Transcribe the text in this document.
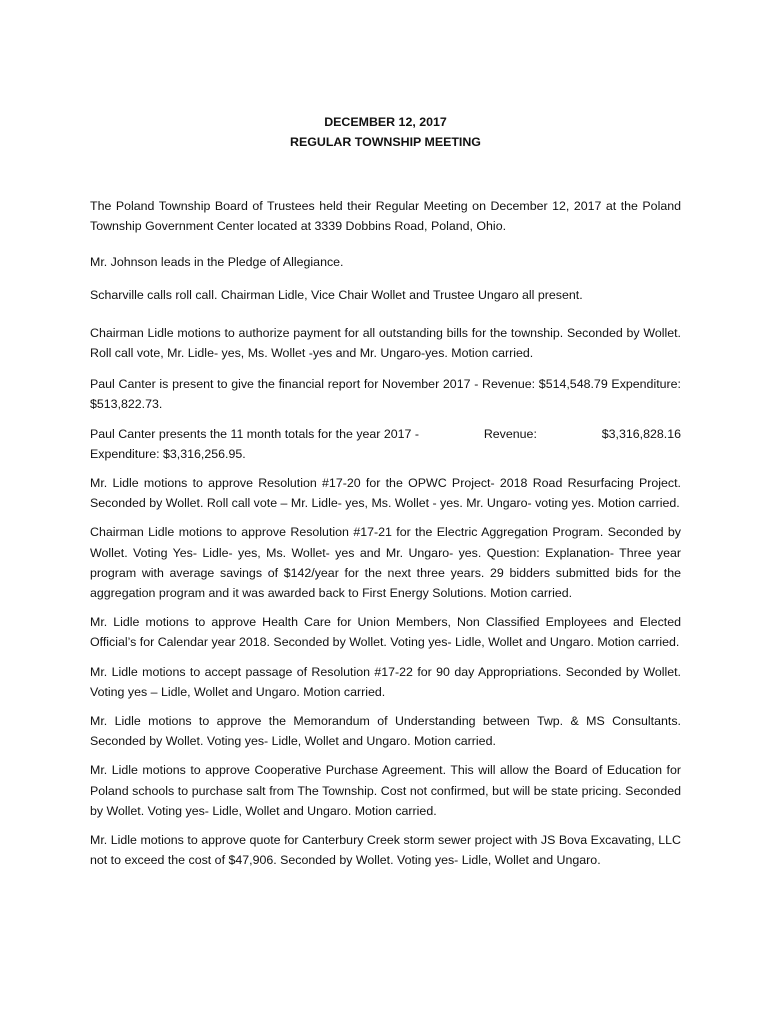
DECEMBER 12, 2017

REGULAR TOWNSHIP MEETING

The Poland Township Board of Trustees held their Regular Meeting on December 12, 2017 at the Poland Township Government Center located at 3339 Dobbins Road, Poland, Ohio.

Mr. Johnson leads in the Pledge of Allegiance.

Scharville calls roll call. Chairman Lidle, Vice Chair Wollet and Trustee Ungaro all present.

Chairman Lidle motions to authorize payment for all outstanding bills for the township. Seconded by Wollet. Roll call vote, Mr. Lidle- yes, Ms. Wollet -yes and Mr. Ungaro-yes. Motion carried.

Paul Canter is present to give the financial report for November 2017 - Revenue: $514,548.79 Expenditure: $513,822.73.

Paul Canter presents the 11 month totals for the year 2017 -	Revenue:	$3,316,828.16
Expenditure: $3,316,256.95.

Mr. Lidle motions to approve Resolution #17-20 for the OPWC Project- 2018 Road Resurfacing Project. Seconded by Wollet. Roll call vote – Mr. Lidle- yes, Ms. Wollet - yes. Mr. Ungaro- voting yes. Motion carried.

Chairman Lidle motions to approve Resolution #17-21 for the Electric Aggregation Program. Seconded by Wollet. Voting Yes- Lidle- yes, Ms. Wollet- yes and Mr. Ungaro- yes. Question: Explanation- Three year program with average savings of $142/year for the next three years. 29 bidders submitted bids for the aggregation program and it was awarded back to First Energy Solutions. Motion carried.

Mr. Lidle motions to approve Health Care for Union Members, Non Classified Employees and Elected Official’s for Calendar year 2018. Seconded by Wollet. Voting yes- Lidle, Wollet and Ungaro. Motion carried.

Mr. Lidle motions to accept passage of Resolution #17-22 for 90 day Appropriations. Seconded by Wollet. Voting yes – Lidle, Wollet and Ungaro. Motion carried.

Mr. Lidle motions to approve the Memorandum of Understanding between Twp. & MS Consultants. Seconded by Wollet. Voting yes- Lidle, Wollet and Ungaro. Motion carried.

Mr. Lidle motions to approve Cooperative Purchase Agreement. This will allow the Board of Education for Poland schools to purchase salt from The Township. Cost not confirmed, but will be state pricing. Seconded by Wollet. Voting yes- Lidle, Wollet and Ungaro. Motion carried.

Mr. Lidle motions to approve quote for Canterbury Creek storm sewer project with JS Bova Excavating, LLC not to exceed the cost of $47,906. Seconded by Wollet. Voting yes- Lidle, Wollet and Ungaro.
